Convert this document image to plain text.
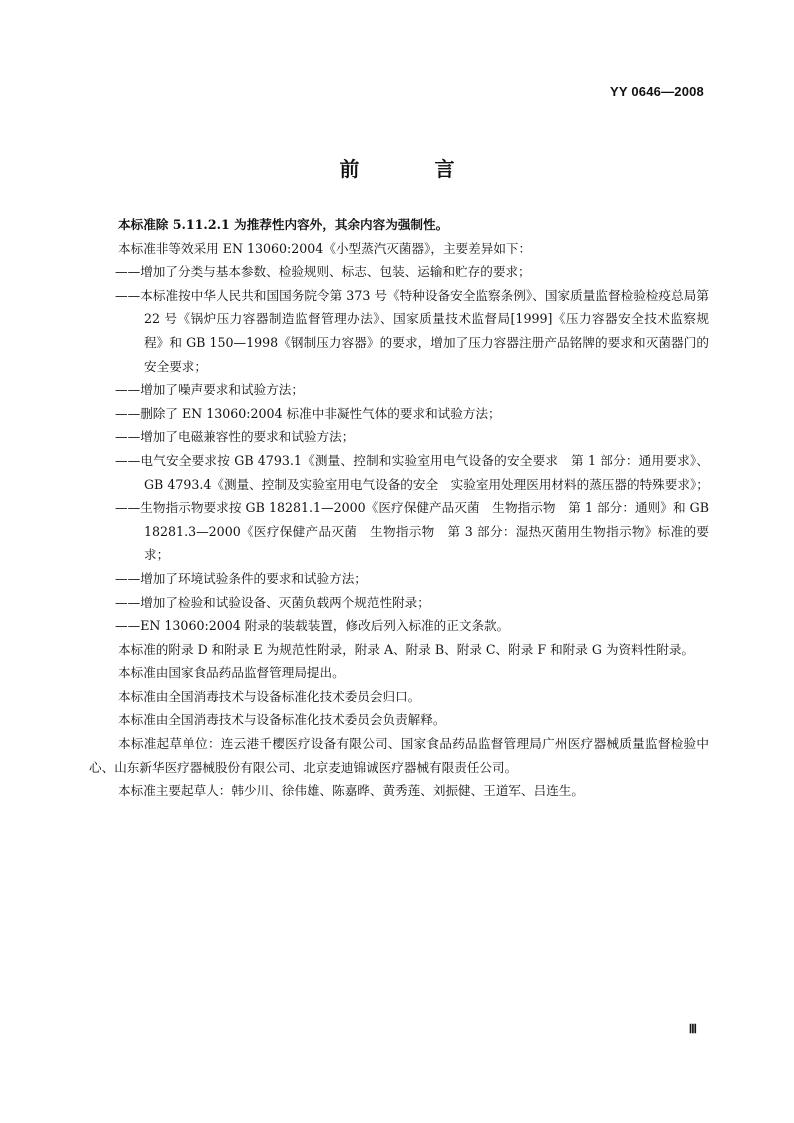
YY 0646—2008
前 言

本标准除 5.11.2.1 为推荐性内容外，其余内容为强制性。

本标准非等效采用 EN 13060:2004《小型蒸汽灭菌器》，主要差异如下：

——增加了分类与基本参数、检验规则、标志、包装、运输和贮存的要求；

——本标准按中华人民共和国国务院令第 373 号《特种设备安全监察条例》、国家质量监督检验检疫总局第 22 号《锅炉压力容器制造监督管理办法》、国家质量技术监督局[1999]《压力容器安全技术监察规程》和 GB 150—1998《钢制压力容器》的要求，增加了压力容器注册产品铭牌的要求和灭菌器门的安全要求；

——增加了噪声要求和试验方法；

——删除了 EN 13060:2004 标准中非凝性气体的要求和试验方法；

——增加了电磁兼容性的要求和试验方法；

——电气安全要求按 GB 4793.1《测量、控制和实验室用电气设备的安全要求　第 1 部分：通用要求》、GB 4793.4《测量、控制及实验室用电气设备的安全　实验室用处理医用材料的蒸压器的特殊要求》；

——生物指示物要求按 GB 18281.1—2000《医疗保健产品灭菌　生物指示物　第 1 部分：通则》和 GB 18281.3—2000《医疗保健产品灭菌　生物指示物　第 3 部分：湿热灭菌用生物指示物》标准的要求；

——增加了环境试验条件的要求和试验方法；

——增加了检验和试验设备、灭菌负载两个规范性附录；

——EN 13060:2004 附录的装载装置，修改后列入标准的正文条款。

本标准的附录 D 和附录 E 为规范性附录，附录 A、附录 B、附录 C、附录 F 和附录 G 为资料性附录。

本标准由国家食品药品监督管理局提出。

本标准由全国消毒技术与设备标准化技术委员会归口。

本标准由全国消毒技术与设备标准化技术委员会负责解释。

本标准起草单位：连云港千樱医疗设备有限公司、国家食品药品监督管理局广州医疗器械质量监督检验中心、山东新华医疗器械股份有限公司、北京麦迪锦诚医疗器械有限责任公司。

本标准主要起草人：韩少川、徐伟雄、陈嘉晔、黄秀莲、刘振健、王道军、吕连生。

Ⅲ
